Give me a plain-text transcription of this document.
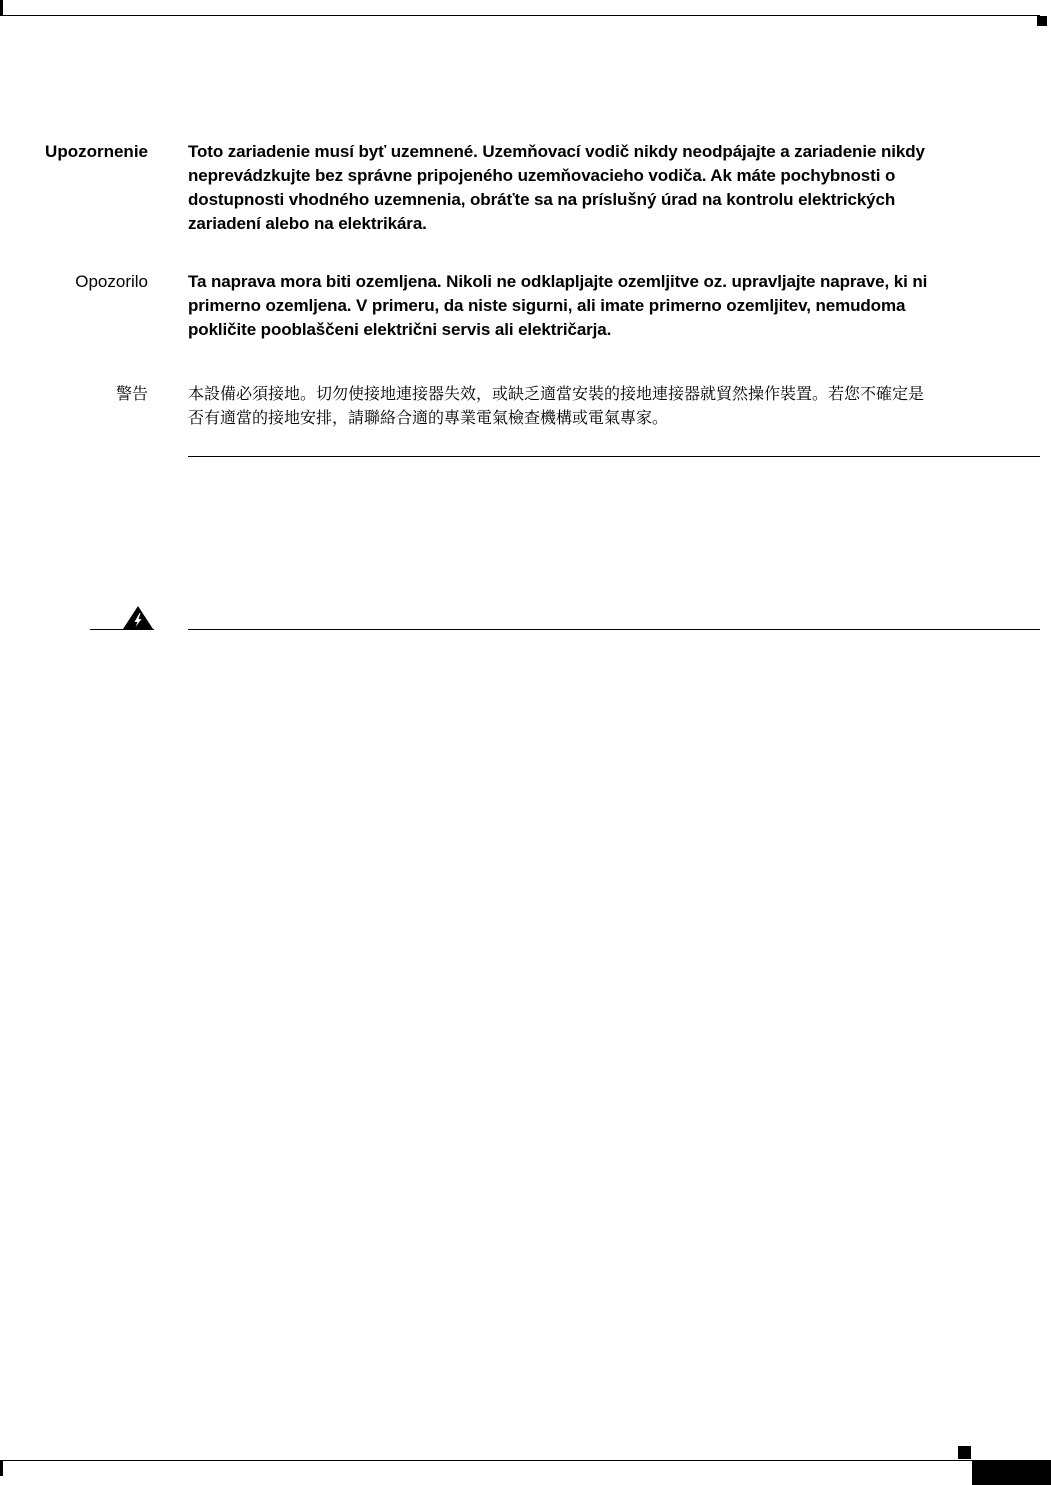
Upozornenie Toto zariadenie musí byť uzemnené. Uzemňovací vodič nikdy neodpájajte a zariadenie nikdy
neprevádzkujte bez správne pripojeného uzemňovacieho vodiča. Ak máte pochybnosti o
dostupnosti vhodného uzemnenia, obráťte sa na príslušný úrad na kontrolu elektrických
zariadení alebo na elektrikára.
Opozorilo Ta naprava mora biti ozemljena. Nikoli ne odklapljajte ozemljitve oz. upravljajte naprave, ki ni
primerno ozemljena. V primeru, da niste sigurni, ali imate primerno ozemljitev, nemudoma
pokličite pooblaščeni električni servis ali električarja.
警告	本設備必須接地。切勿使接地連接器失效，或缺乏適當安裝的接地連接器就貿然操作裝置。若您不確定是
否有適當的接地安排，請聯絡合適的專業電氣檢查機構或電氣專家。
